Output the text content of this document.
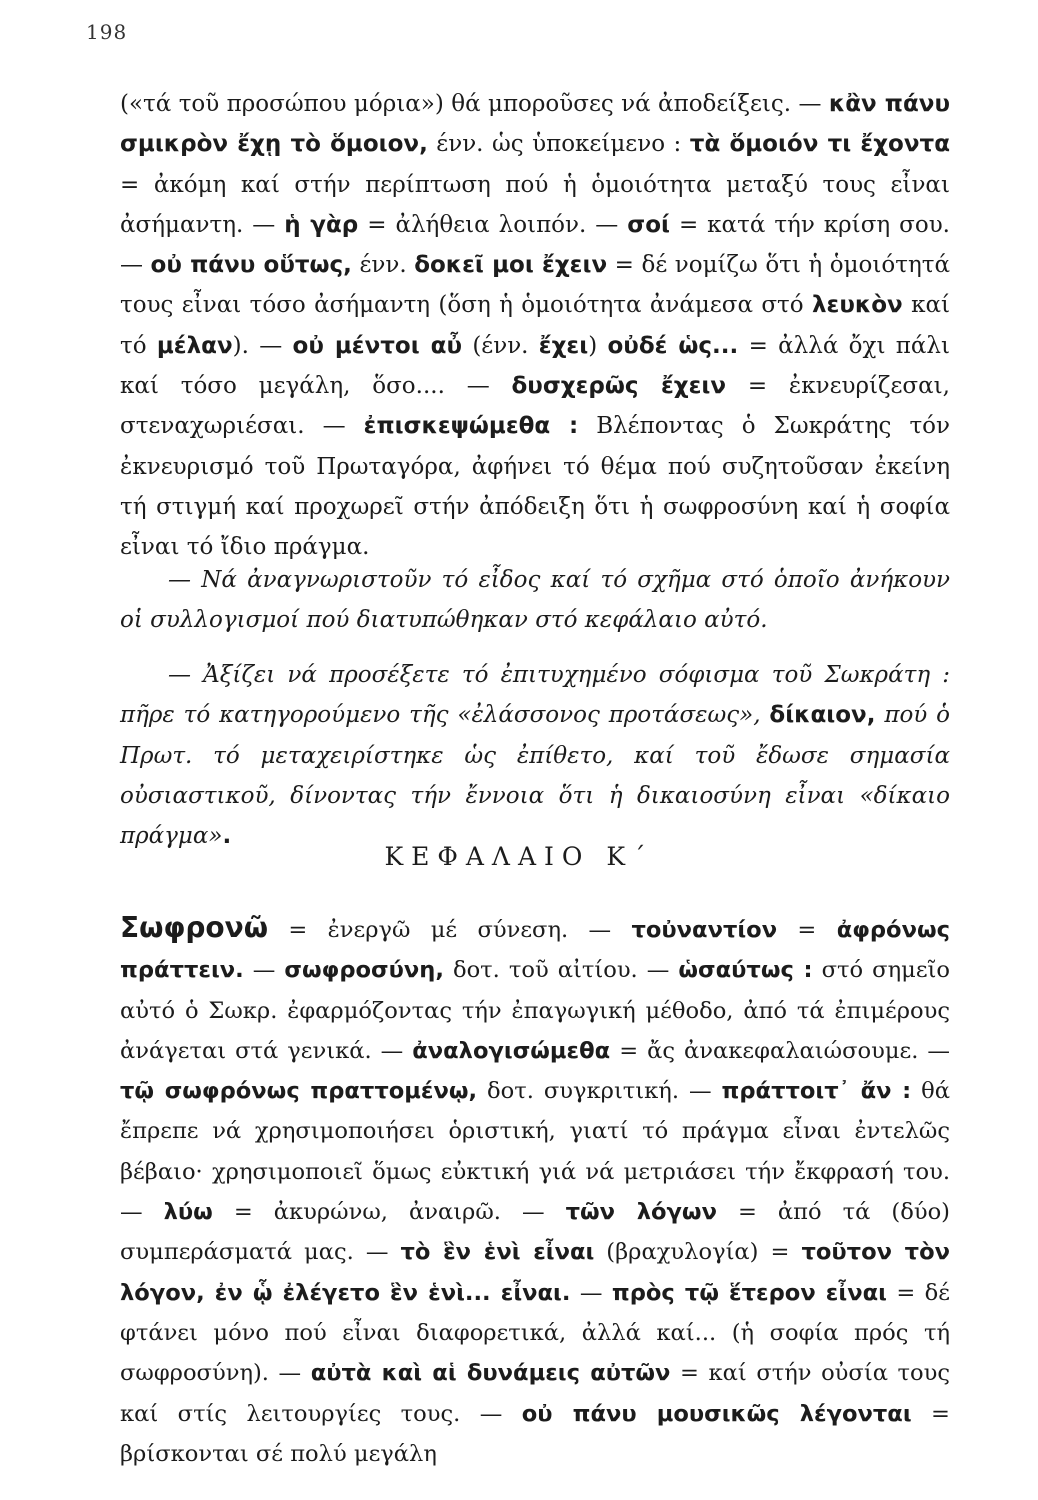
198
(«τά τοῦ προσώπου μόρια») θά μποροῦσες νά ἀποδείξεις. — κἂν πάνυ σμικρὸν ἔχῃ τὸ ὅμοιον, ένν. ὡς ὑποκείμενο : τὰ ὅμοιόν τι ἔχοντα = ἀκόμη καί στήν περίπτωση πού ἡ ὁμοιότητα μεταξύ τους εἶναι ἀσήμαντη. — ἡ γὰρ = ἀλήθεια λοιπόν. — σοί = κατά τήν κρίση σου. — οὐ πάνυ οὕτως, ένν. δοκεῖ μοι ἔχειν = δέ νομίζω ὅτι ἡ ὁμοιότητά τους εἶναι τόσο ἀσήμαντη (ὅση ἡ ὁμοιότητα ἀνάμεσα στό λευκὸν καί τό μέλαν). — οὐ μέντοι αὖ (ένν. ἔχει) οὐδέ ὡς... = ἀλλά ὄχι πάλι καί τόσο μεγάλη, ὅσο.... — δυσχερῶς ἔχειν = ἐκνευρίζεσαι, στεναχωριέσαι. — ἐπισκεψώμεθα : Βλέποντας ὁ Σωκράτης τόν ἐκνευρισμό τοῦ Πρωταγόρα, ἀφήνει τό θέμα πού συζητοῦσαν ἐκείνη τή στιγμή καί προχωρεῖ στήν ἀπόδειξη ὅτι ἡ σωφροσύνη καί ἡ σοφία εἶναι τό ἴδιο πράγμα.
— Νά ἀναγνωριστοῦν τό εἶδος καί τό σχῆμα στό ὁποῖο ἀνήκουν οἱ συλλογισμοί πού διατυπώθηκαν στό κεφάλαιο αὐτό.
— Ἀξίζει νά προσέξετε τό ἐπιτυχημένο σόφισμα τοῦ Σωκράτη : πῆρε τό κατηγορούμενο τῆς «ἐλάσσονος προτάσεως», δίκαιον, πού ὁ Πρωτ. τό μεταχειρίστηκε ὡς ἐπίθετο, καί τοῦ ἔδωσε σημασία οὐσιαστικοῦ, δίνοντας τήν ἔννοια ὅτι ἡ δικαιοσύνη εἶναι «δίκαιο πράγμα».
ΚΕΦΑΛΑΙΟ Κ΄
Σωφρονῶ = ἐνεργῶ μέ σύνεση. — τοὐναντίον = ἀφρόνως πράττειν. — σωφροσύνη, δοτ. τοῦ αἰτίου. — ὡσαύτως : στό σημεῖο αὐτό ὁ Σωκρ. ἐφαρμόζοντας τήν ἐπαγωγική μέθοδο, ἀπό τά ἐπιμέρους ἀνάγεται στά γενικά. — ἀναλογισώμεθα = ἄς ἀνακεφαλαιώσουμε. — τῷ σωφρόνως πραττομένῳ, δοτ. συγκριτική. — πράττοιτ᾽ ἄν : θά ἔπρεπε νά χρησιμοποιήσει ὁριστική, γιατί τό πράγμα εἶναι ἐντελῶς βέβαιο· χρησιμοποιεῖ ὅμως εὐκτική γιά νά μετριάσει τήν ἔκφρασή του. — λύω = ἀκυρώνω, ἀναιρῶ. — τῶν λόγων = ἀπό τά (δύο) συμπεράσματά μας. — τὸ ἓν ἑνὶ εἶναι (βραχυλογία) = τοῦτον τὸν λόγον, ἐν ᾧ ἐλέγετο ἓν ἑνὶ... εἶναι. — πρὸς τῷ ἕτερον εἶναι = δέ φτάνει μόνο πού εἶναι διαφορετικά, ἀλλά καί... (ἡ σοφία πρός τή σωφροσύνη). — αὐτὰ καὶ αἱ δυνάμεις αὐτῶν = καί στήν οὐσία τους καί στίς λειτουργίες τους. — οὐ πάνυ μουσικῶς λέγονται = βρίσκονται σέ πολύ μεγάλη
